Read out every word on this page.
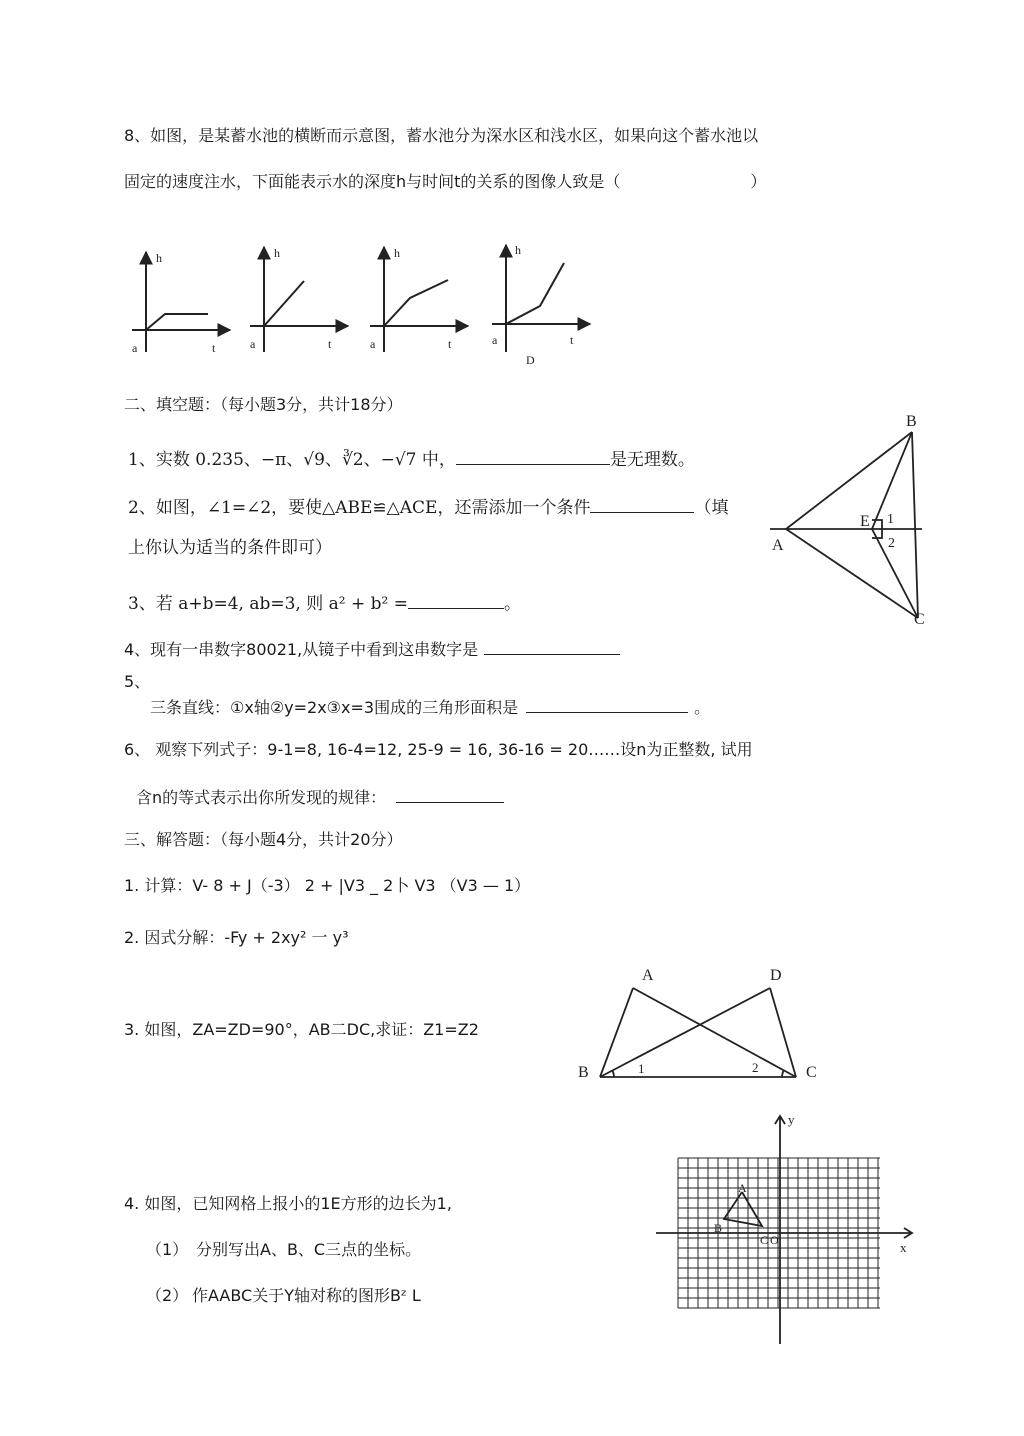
8、如图，是某蓄水池的横断而示意图，蓄水池分为深水区和浅水区，如果向这个蓄水池以
固定的速度注水，下面能表示水的深度h与时间t的关系的图像人致是（	）
h
a	t
h
a	t
h
a	t
h
a	t
D
二、填空题：（每小题3分，共计18分）
1、实数 0.235、−π、√9、∛2、−√7 中，	是无理数。
2、如图，∠1=∠2，要使△ABE≌△ACE，还需添加一个条件	（填
上你认为适当的条件即可）
3、若 a+b=4, ab=3, 则 a² + b² =	。
4、现有一串数字80021,从镜子中看到这串数字是
5、
三条直线：①x轴②y=2x③x=3围成的三角形面积是	。
6、 观察下列式子：9-1=8, 16-4=12, 25-9 = 16, 36-16 = 20……设n为正整数, 试用
含n的等式表示出你所发现的规律：
B
A
E 1
2
C
三、解答题：（每小题4分，共计20分）
1. 计算：V- 8 + J（-3） 2 + |V3 _ 2卜 V3 （V3 — 1）
2. 因式分解：-Fy + 2xy² 一 y³
3. 如图，ZA=ZD=90°，AB二DC,求证：Z1=Z2
A	D
B	C
1	2
4. 如图，已知网格上报小的1E方形的边长为1,
（1） 分别写出A、B、C三点的坐标。
（2） 作AABC关于Y轴对称的图形Bᶻ L
x
y
A
B
C O
